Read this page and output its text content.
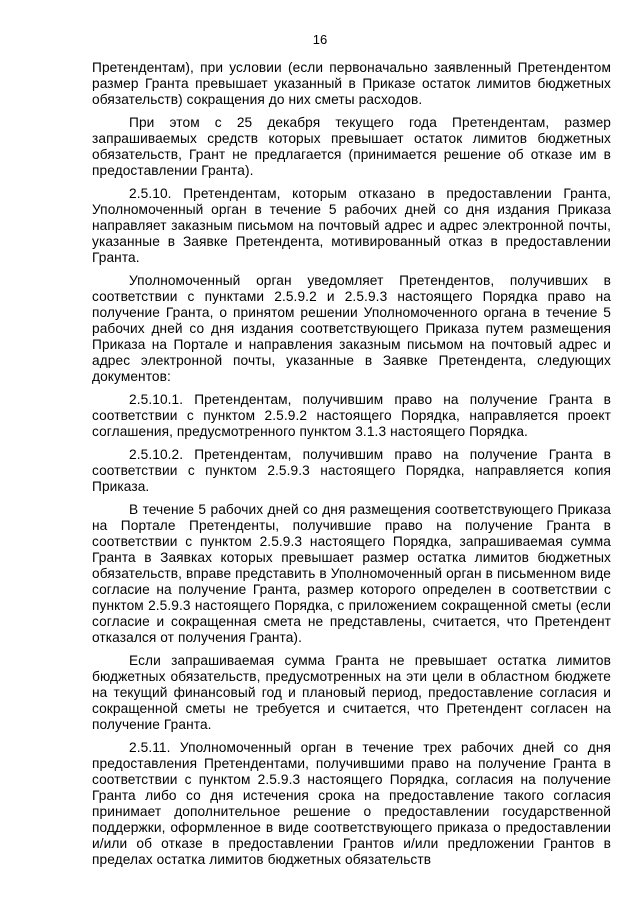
16

Претендентам), при условии (если первоначально заявленный Претендентом размер Гранта превышает указанный в Приказе остаток лимитов бюджетных обязательств) сокращения до них сметы расходов.

При этом с 25 декабря текущего года Претендентам, размер запрашиваемых средств которых превышает остаток лимитов бюджетных обязательств, Грант не предлагается (принимается решение об отказе им в предоставлении Гранта).

2.5.10. Претендентам, которым отказано в предоставлении Гранта, Уполномоченный орган в течение 5 рабочих дней со дня издания Приказа направляет заказным письмом на почтовый адрес и адрес электронной почты, указанные в Заявке Претендента, мотивированный отказ в предоставлении Гранта.

Уполномоченный орган уведомляет Претендентов, получивших в соответствии с пунктами 2.5.9.2 и 2.5.9.3 настоящего Порядка право на получение Гранта, о принятом решении Уполномоченного органа в течение 5 рабочих дней со дня издания соответствующего Приказа путем размещения Приказа на Портале и направления заказным письмом на почтовый адрес и адрес электронной почты, указанные в Заявке Претендента, следующих документов:

2.5.10.1. Претендентам, получившим право на получение Гранта в соответствии с пунктом 2.5.9.2 настоящего Порядка, направляется проект соглашения, предусмотренного пунктом 3.1.3 настоящего Порядка.

2.5.10.2. Претендентам, получившим право на получение Гранта в соответствии с пунктом 2.5.9.3 настоящего Порядка, направляется копия Приказа.

В течение 5 рабочих дней со дня размещения соответствующего Приказа на Портале Претенденты, получившие право на получение Гранта в соответствии с пунктом 2.5.9.3 настоящего Порядка, запрашиваемая сумма Гранта в Заявках которых превышает размер остатка лимитов бюджетных обязательств, вправе представить в Уполномоченный орган в письменном виде согласие на получение Гранта, размер которого определен в соответствии с пунктом 2.5.9.3 настоящего Порядка, с приложением сокращенной сметы (если согласие и сокращенная смета не представлены, считается, что Претендент отказался от получения Гранта).

Если запрашиваемая сумма Гранта не превышает остатка лимитов бюджетных обязательств, предусмотренных на эти цели в областном бюджете на текущий финансовый год и плановый период, предоставление согласия и сокращенной сметы не требуется и считается, что Претендент согласен на получение Гранта.

2.5.11. Уполномоченный орган в течение трех рабочих дней со дня предоставления Претендентами, получившими право на получение Гранта в соответствии с пунктом 2.5.9.3 настоящего Порядка, согласия на получение Гранта либо со дня истечения срока на предоставление такого согласия принимает дополнительное решение о предоставлении государственной поддержки, оформленное в виде соответствующего приказа о предоставлении и/или об отказе в предоставлении Грантов и/или предложении Грантов в пределах остатка лимитов бюджетных обязательств
